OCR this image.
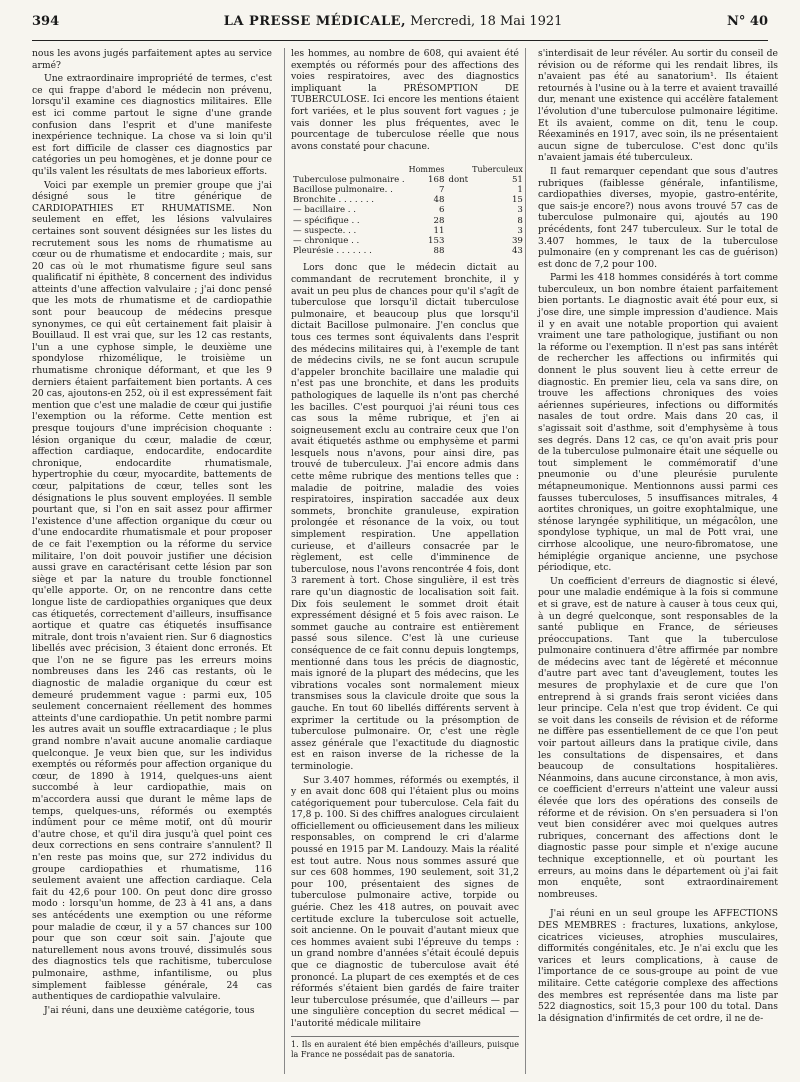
394	LA PRESSE MÉDICALE, Mercredi, 18 Mai 1921	N° 40

nous les avons jugés parfaitement aptes au service armé?

Une extraordinaire impropriété de termes, c'est ce qui frappe d'abord le médecin non prévenu, lorsqu'il examine ces diagnostics militaires. Elle est ici comme partout le signe d'une grande confusion dans l'esprit et d'une manifeste inexpérience technique. La chose va si loin qu'il est fort difficile de classer ces diagnostics par catégories un peu homogènes, et je donne pour ce qu'ils valent les résultats de mes laborieux efforts.

Voici par exemple un premier groupe que j'ai désigné sous le titre générique de CARDIOPATHIES ET RHUMATISME. Non seulement en effet, les lésions valvulaires certaines sont souvent désignées sur les listes du recrutement sous les noms de rhumatisme au cœur ou de rhumatisme et endocardite ; mais, sur 20 cas où le mot rhumatisme figure seul sans qualificatif ni épithète, 8 concernent des individus atteints d'une affection valvulaire ; j'ai donc pensé que les mots de rhumatisme et de cardiopathie sont pour beaucoup de médecins presque synonymes, ce qui eût certainement fait plaisir à Bouillaud. Il est vrai que, sur les 12 cas restants, l'un a une cyphose simple, le deuxième une spondylose rhizomélique, le troisième un rhumatisme chronique déformant, et que les 9 derniers étaient parfaitement bien portants. A ces 20 cas, ajoutons-en 252, où il est expressément fait mention que c'est une maladie de cœur qui justifie l'exemption ou la réforme. Cette mention est presque toujours d'une imprécision choquante : lésion organique du cœur, maladie de cœur, affection cardiaque, endocardite, endocardite chronique, endocardite rhumatismale, hypertrophie du cœur, myocardite, battements de cœur, palpitations de cœur, telles sont les désignations le plus souvent employées. Il semble pourtant que, si l'on en sait assez pour affirmer l'existence d'une affection organique du cœur ou d'une endocardite rhumatismale et pour proposer de ce fait l'exemption ou la réforme du service militaire, l'on doit pouvoir justifier une décision aussi grave en caractérisant cette lésion par son siège et par la nature du trouble fonctionnel qu'elle apporte. Or, on ne rencontre dans cette longue liste de cardiopathies organiques que deux cas étiquetés, correctement d'ailleurs, insuffisance aortique et quatre cas étiquetés insuffisance mitrale, dont trois n'avaient rien. Sur 6 diagnostics libellés avec précision, 3 étaient donc erronés. Et que l'on ne se figure pas les erreurs moins nombreuses dans les 246 cas restants, où le diagnostic de maladie organique du cœur est demeuré prudemment vague : parmi eux, 105 seulement concernaient réellement des hommes atteints d'une cardiopathie. Un petit nombre parmi les autres avait un souffle extracardiaque ; le plus grand nombre n'avait aucune anomalie cardiaque quelconque. Je veux bien que, sur les individus exemptés ou réformés pour affection organique du cœur, de 1890 à 1914, quelques-uns aient succombé à leur cardiopathie, mais on m'accordera aussi que durant le même laps de temps, quelques-uns, réformés ou exemptés indûment pour ce même motif, ont dû mourir d'autre chose, et qu'il dira jusqu'à quel point ces deux corrections en sens contraire s'annulent? Il n'en reste pas moins que, sur 272 individus du groupe cardiopathies et rhumatisme, 116 seulement avaient une affection cardiaque. Cela fait du 42,6 pour 100. On peut donc dire grosso modo : lorsqu'un homme, de 23 à 41 ans, a dans ses antécédents une exemption ou une réforme pour maladie de cœur, il y a 57 chances sur 100 pour que son cœur soit sain. J'ajoute que naturellement nous avons trouvé, dissimulés sous des diagnostics tels que rachitisme, tuberculose pulmonaire, asthme, infantilisme, ou plus simplement faiblesse générale, 24 cas authentiques de cardiopathie valvulaire.

J'ai réuni, dans une deuxième catégorie, tous

les hommes, au nombre de 608, qui avaient été exemptés ou réformés pour des affections des voies respiratoires, avec des diagnostics impliquant la PRÉSOMPTION DE TUBERCULOSE. Ici encore les mentions étaient fort variées, et le plus souvent fort vagues ; je vais donner les plus fréquentes, avec le pourcentage de tuberculose réelle que nous avons constaté pour chacune.

	Hommes		Tuberculeux	
Tuberculose pulmonaire .	168	dont	51	
Bacillose pulmonaire. .	7		1	
Bronchite . . . . . . .	48		15	
— bacillaire . .	6		3	
— spécifique . .	28		8	
— suspecte. . .	11		3	
— chronique . .	153		39	
Pleurésie . . . . . . .	88		43	

Lors donc que le médecin dictait au commandant de recrutement bronchite, il y avait un peu plus de chances pour qu'il s'agît de tuberculose que lorsqu'il dictait tuberculose pulmonaire, et beaucoup plus que lorsqu'il dictait Bacillose pulmonaire. J'en conclus que tous ces termes sont équivalents dans l'esprit des médecins militaires qui, à l'exemple de tant de médecins civils, ne se font aucun scrupule d'appeler bronchite bacillaire une maladie qui n'est pas une bronchite, et dans les produits pathologiques de laquelle ils n'ont pas cherché les bacilles. C'est pourquoi j'ai réuni tous ces cas sous la même rubrique, et j'en ai soigneusement exclu au contraire ceux que l'on avait étiquetés asthme ou emphysème et parmi lesquels nous n'avons, pour ainsi dire, pas trouvé de tuberculeux. J'ai encore admis dans cette même rubrique des mentions telles que : maladie de poitrine, maladie des voies respiratoires, inspiration saccadée aux deux sommets, bronchite granuleuse, expiration prolongée et résonance de la voix, ou tout simplement respiration. Une appellation curieuse, et d'ailleurs consacrée par le règlement, est celle d'imminence de tuberculose, nous l'avons rencontrée 4 fois, dont 3 rarement à tort. Chose singulière, il est très rare qu'un diagnostic de localisation soit fait. Dix fois seulement le sommet droit était expressément désigné et 5 fois avec raison. Le sommet gauche au contraire est entièrement passé sous silence. C'est là une curieuse conséquence de ce fait connu depuis longtemps, mentionné dans tous les précis de diagnostic, mais ignoré de la plupart des médecins, que les vibrations vocales sont normalement mieux transmises sous la clavicule droite que sous la gauche. En tout 60 libellés différents servent à exprimer la certitude ou la présomption de tuberculose pulmonaire. Or, c'est une règle assez générale que l'exactitude du diagnostic est en raison inverse de la richesse de la terminologie.

Sur 3.407 hommes, réformés ou exemptés, il y en avait donc 608 qui l'étaient plus ou moins catégoriquement pour tuberculose. Cela fait du 17,8 p. 100. Si des chiffres analogues circulaient officiellement ou officieusement dans les milieux responsables, on comprend le cri d'alarme poussé en 1915 par M. Landouzy. Mais la réalité est tout autre. Nous nous sommes assuré que sur ces 608 hommes, 190 seulement, soit 31,2 pour 100, présentaient des signes de tuberculose pulmonaire active, torpide ou guérie. Chez les 418 autres, on pouvait avec certitude exclure la tuberculose soit actuelle, soit ancienne. On le pouvait d'autant mieux que ces hommes avaient subi l'épreuve du temps : un grand nombre d'années s'était écoulé depuis que ce diagnostic de tuberculose avait été prononcé. La plupart de ces exemptés et de ces réformés s'étaient bien gardés de faire traiter leur tuberculose présumée, que d'ailleurs — par une singulière conception du secret médical — l'autorité médicale militaire

1. Ils en auraient été bien empêchés d'ailleurs, puisque la France ne possédait pas de sanatoria.

s'interdisait de leur révéler. Au sortir du conseil de révision ou de réforme qui les rendait libres, ils n'avaient pas été au sanatorium¹. Ils étaient retournés à l'usine ou à la terre et avaient travaillé dur, menant une existence qui accélère fatalement l'évolution d'une tuberculose pulmonaire légitime. Et ils avaient, comme on dit, tenu le coup. Réexaminés en 1917, avec soin, ils ne présentaient aucun signe de tuberculose. C'est donc qu'ils n'avaient jamais été tuberculeux.

Il faut remarquer cependant que sous d'autres rubriques (faiblesse générale, infantilisme, cardiopathies diverses, myopie, gastro-entérite, que sais-je encore?) nous avons trouvé 57 cas de tuberculose pulmonaire qui, ajoutés au 190 précédents, font 247 tuberculeux. Sur le total de 3.407 hommes, le taux de la tuberculose pulmonaire (en y comprenant les cas de guérison) est donc de 7,2 pour 100.

Parmi les 418 hommes considérés à tort comme tuberculeux, un bon nombre étaient parfaitement bien portants. Le diagnostic avait été pour eux, si j'ose dire, une simple impression d'audience. Mais il y en avait une notable proportion qui avaient vraiment une tare pathologique, justifiant ou non la réforme ou l'exemption. Il n'est pas sans intérêt de rechercher les affections ou infirmités qui donnent le plus souvent lieu à cette erreur de diagnostic. En premier lieu, cela va sans dire, on trouve les affections chroniques des voies aériennes supérieures, infections ou difformités nasales de tout ordre. Mais dans 20 cas, il s'agissait soit d'asthme, soit d'emphysème à tous ses degrés. Dans 12 cas, ce qu'on avait pris pour de la tuberculose pulmonaire était une séquelle ou tout simplement le commémoratif d'une pneumonie ou d'une pleurésie purulente métapneumonique. Mentionnons aussi parmi ces fausses tuberculoses, 5 insuffisances mitrales, 4 aortites chroniques, un goitre exophtalmique, une sténose laryngée syphilitique, un mégacôlon, une spondylose typhique, un mal de Pott vrai, une cirrhose alcoolique, une neuro-fibromatose, une hémiplégie organique ancienne, une psychose périodique, etc.

Un coefficient d'erreurs de diagnostic si élevé, pour une maladie endémique à la fois si commune et si grave, est de nature à causer à tous ceux qui, à un degré quelconque, sont responsables de la santé publique en France, de sérieuses préoccupations. Tant que la tuberculose pulmonaire continuera d'être affirmée par nombre de médecins avec tant de légèreté et méconnue d'autre part avec tant d'aveuglement, toutes les mesures de prophylaxie et de cure que l'on entreprend à si grands frais seront viciées dans leur principe. Cela n'est que trop évident. Ce qui se voit dans les conseils de révision et de réforme ne diffère pas essentiellement de ce que l'on peut voir partout ailleurs dans la pratique civile, dans les consultations de dispensaires, et dans beaucoup de consultations hospitalières. Néanmoins, dans aucune circonstance, à mon avis, ce coefficient d'erreurs n'atteint une valeur aussi élevée que lors des opérations des conseils de réforme et de révision. On s'en persuadera si l'on veut bien considérer avec moi quelques autres rubriques, concernant des affections dont le diagnostic passe pour simple et n'exige aucune technique exceptionnelle, et où pourtant les erreurs, au moins dans le département où j'ai fait mon enquête, sont extraordinairement nombreuses.

J'ai réuni en un seul groupe les AFFECTIONS DES MEMBRES : fractures, luxations, ankylose, cicatrices vicieuses, atrophies musculaires, difformités congénitales, etc. Je n'ai exclu que les varices et leurs complications, à cause de l'importance de ce sous-groupe au point de vue militaire. Cette catégorie complexe des affections des membres est représentée dans ma liste par 522 diagnostics, soit 15,3 pour 100 du total. Dans la désignation d'infirmités de cet ordre, il ne de-
